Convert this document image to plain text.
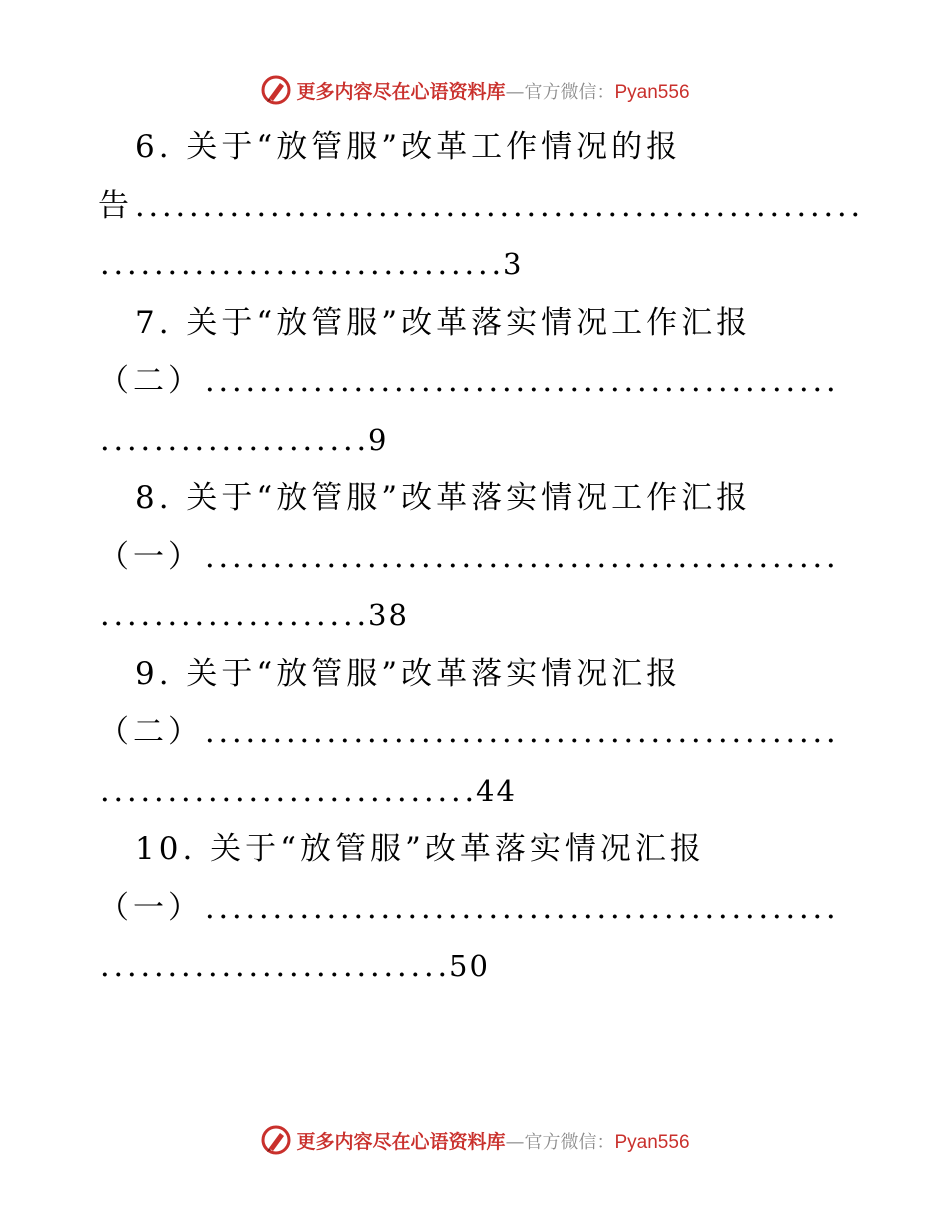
更多内容尽在心语资料库—官方微信：Pyan556
6. 关于“放管服”改革工作情况的报
告. . . . . . . . . . . . . . . . . . . . . . . . . . . . . . . . . . . . . . . . . . . . . . . . . . . . . .
. . . . . . . . . . . . . . . . . . . . . . . . . . . . . .3
7. 关于“放管服”改革落实情况工作汇报
（二）. . . . . . . . . . . . . . . . . . . . . . . . . . . . . . . . . . . . . . . . . . . . . . .
. . . . . . . . . . . . . . . . . . . .9
8. 关于“放管服”改革落实情况工作汇报
（一）. . . . . . . . . . . . . . . . . . . . . . . . . . . . . . . . . . . . . . . . . . . . . . .
. . . . . . . . . . . . . . . . . . . .38
9. 关于“放管服”改革落实情况汇报
（二）. . . . . . . . . . . . . . . . . . . . . . . . . . . . . . . . . . . . . . . . . . . . . . .
. . . . . . . . . . . . . . . . . . . . . . . . . . . .44
10. 关于“放管服”改革落实情况汇报
（一）. . . . . . . . . . . . . . . . . . . . . . . . . . . . . . . . . . . . . . . . . . . . . . .
. . . . . . . . . . . . . . . . . . . . . . . . . .50
更多内容尽在心语资料库—官方微信：Pyan556
